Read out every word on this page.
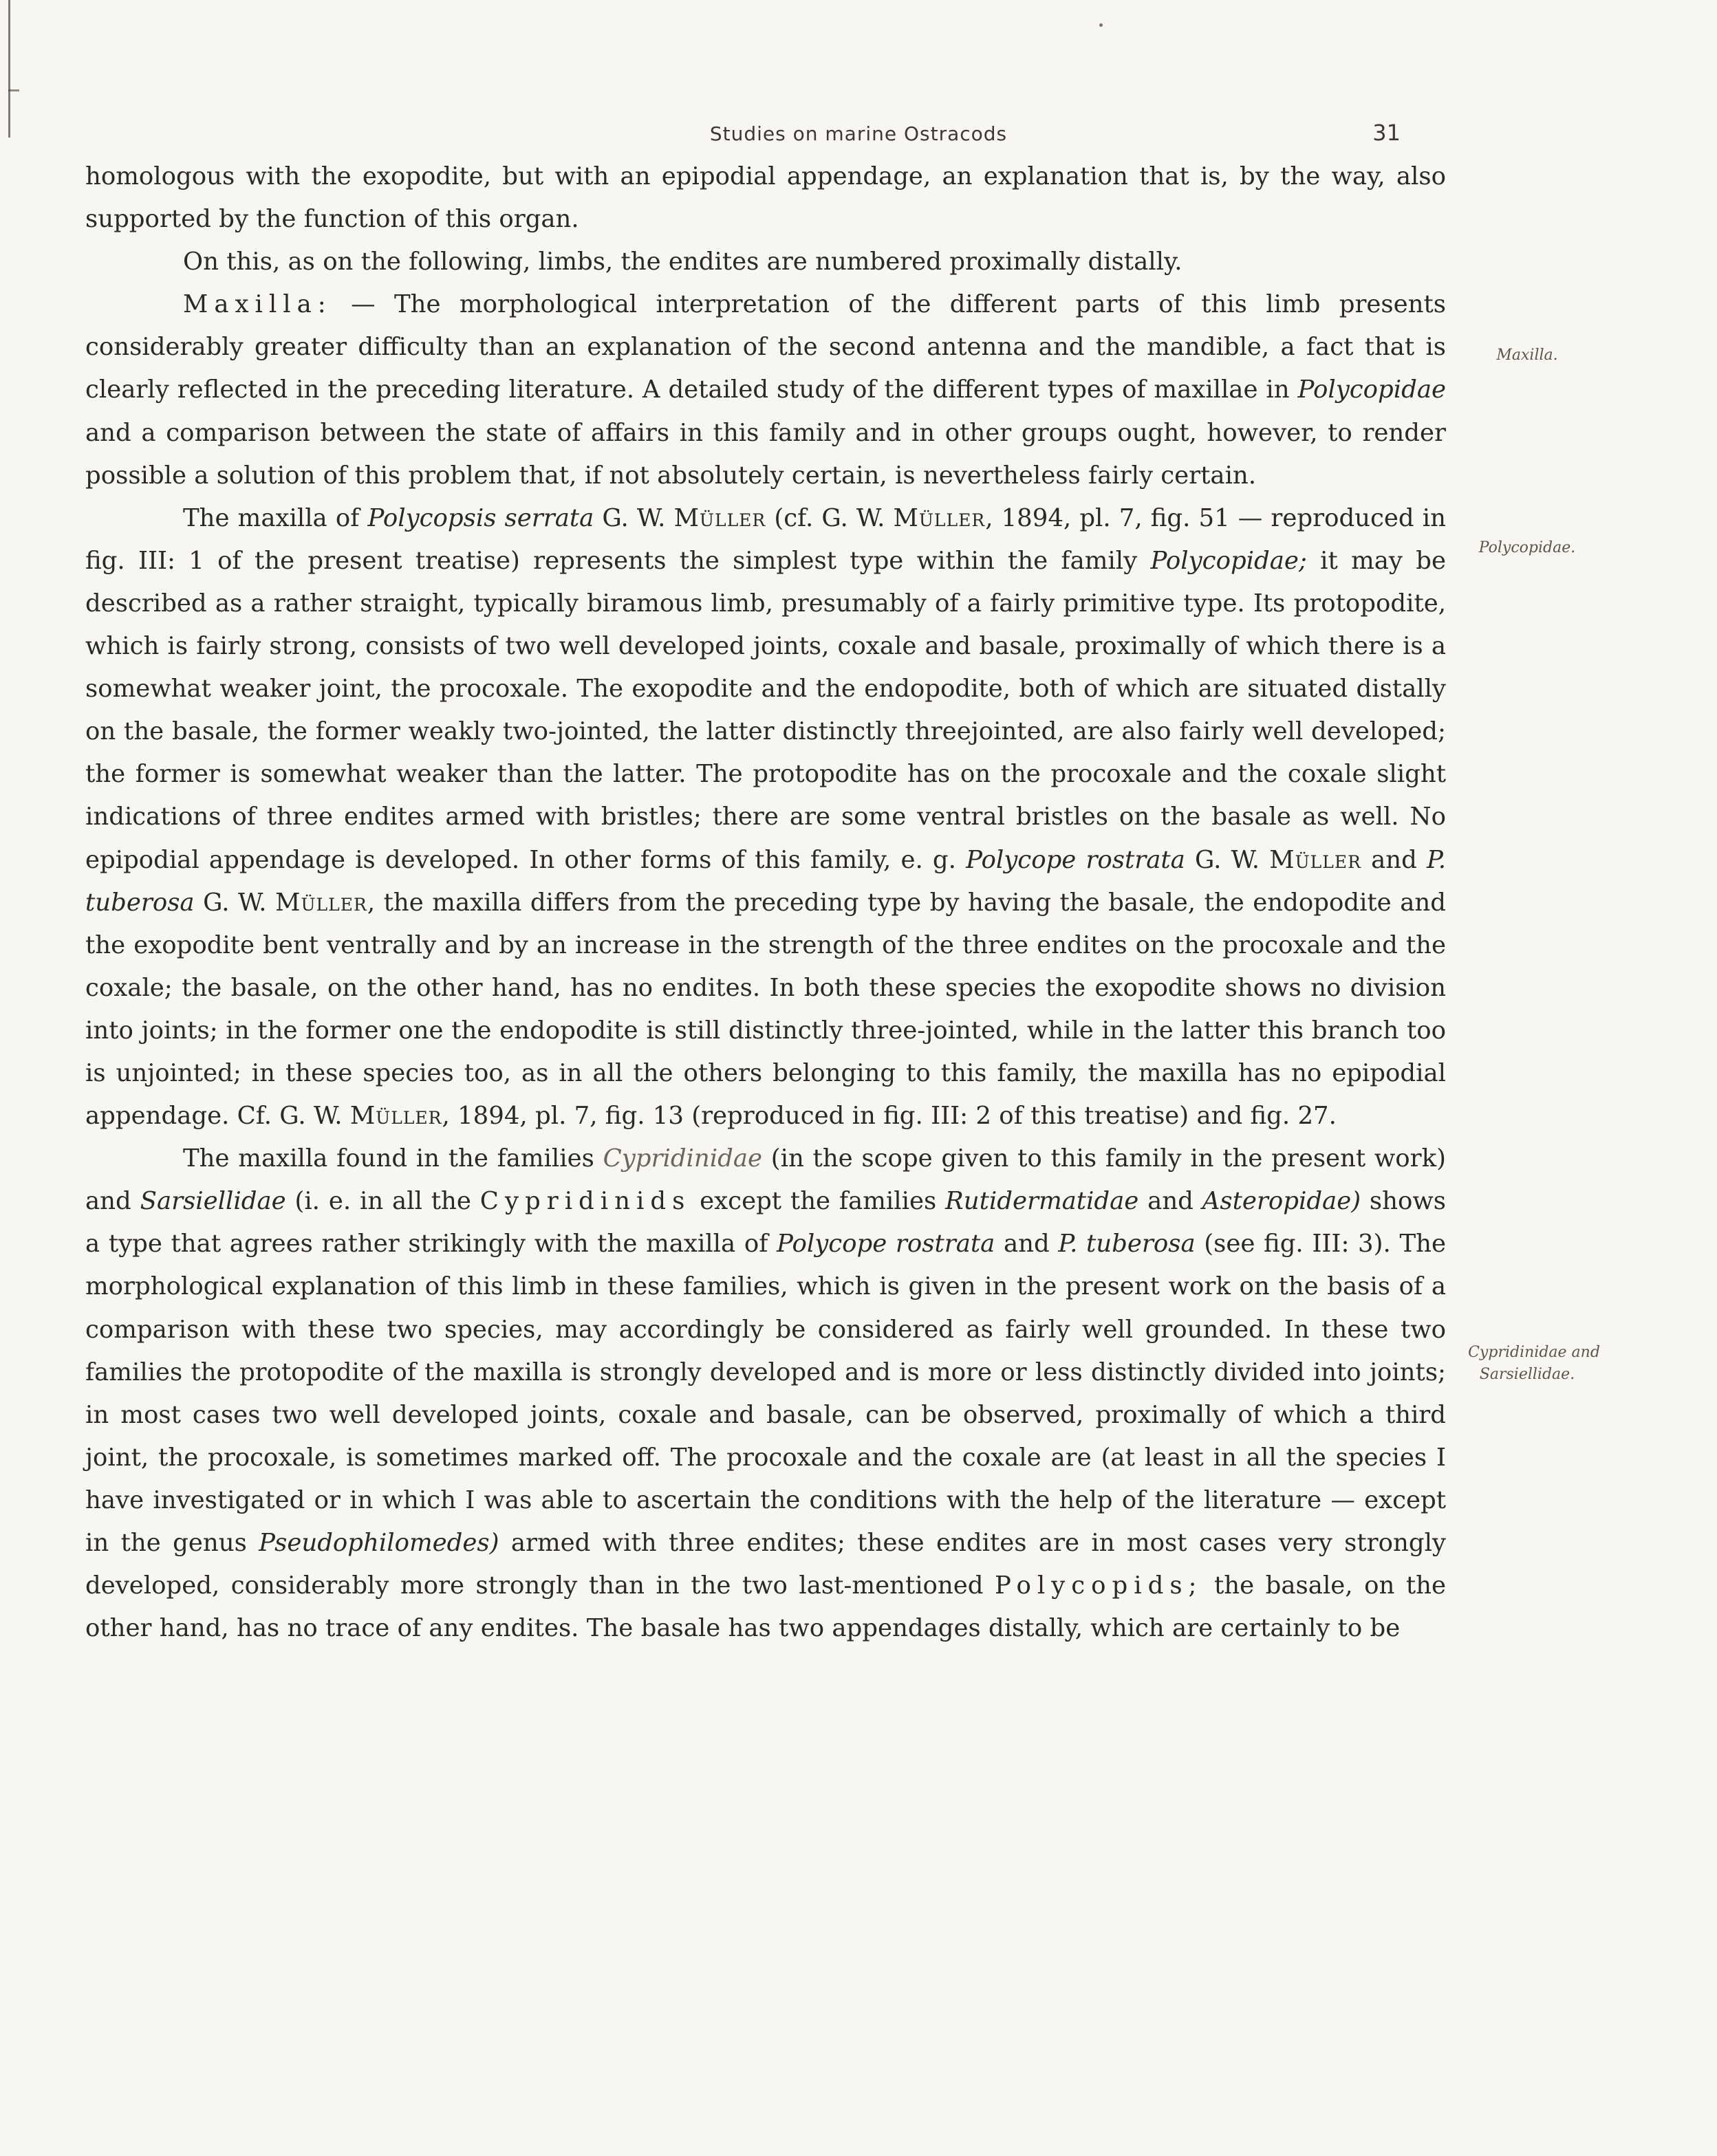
Studies on marine Ostracods	31
Maxilla.
Polycopidae.
Cypridinidae and
Sarsiellidae.

homologous with the exopodite, but with an epipodial appendage, an explanation that is, by the way, also supported by the function of this organ.

On this, as on the following, limbs, the endites are numbered proximally distally.

Maxilla: — The morphological interpretation of the different parts of this limb presents considerably greater difficulty than an explanation of the second antenna and the mandible, a fact that is clearly reflected in the preceding literature. A detailed study of the different types of maxillae in Polycopidae and a comparison between the state of affairs in this family and in other groups ought, however, to render possible a solution of this problem that, if not absolutely certain, is nevertheless fairly certain.

The maxilla of Polycopsis serrata G. W. Müller (cf. G. W. Müller, 1894, pl. 7, fig. 51 — reproduced in fig. III: 1 of the present treatise) represents the simplest type within the family Polycopidae; it may be described as a rather straight, typically biramous limb, presumably of a fairly primitive type. Its protopodite, which is fairly strong, consists of two well developed joints, coxale and basale, proximally of which there is a somewhat weaker joint, the procoxale. The exopodite and the endopodite, both of which are situated distally on the basale, the former weakly two-jointed, the latter distinctly threejointed, are also fairly well developed; the former is somewhat weaker than the latter. The protopodite has on the procoxale and the coxale slight indications of three endites armed with bristles; there are some ventral bristles on the basale as well. No epipodial appendage is developed. In other forms of this family, e. g. Polycope rostrata G. W. Müller and P. tuberosa G. W. Müller, the maxilla differs from the preceding type by having the basale, the endopodite and the exopodite bent ventrally and by an increase in the strength of the three endites on the procoxale and the coxale; the basale, on the other hand, has no endites. In both these species the exopodite shows no division into joints; in the former one the endopodite is still distinctly three-jointed, while in the latter this branch too is unjointed; in these species too, as in all the others belonging to this family, the maxilla has no epipodial appendage. Cf. G. W. Müller, 1894, pl. 7, fig. 13 (reproduced in fig. III: 2 of this treatise) and fig. 27.

The maxilla found in the families Cypridinidae (in the scope given to this family in the present work) and Sarsiellidae (i. e. in all the Cypridinids except the families Rutidermatidae and Asteropidae) shows a type that agrees rather strikingly with the maxilla of Polycope rostrata and P. tuberosa (see fig. III: 3). The morphological explanation of this limb in these families, which is given in the present work on the basis of a comparison with these two species, may accordingly be considered as fairly well grounded. In these two families the protopodite of the maxilla is strongly developed and is more or less distinctly divided into joints; in most cases two well developed joints, coxale and basale, can be observed, proximally of which a third joint, the procoxale, is sometimes marked off. The procoxale and the coxale are (at least in all the species I have investigated or in which I was able to ascertain the conditions with the help of the literature — except in the genus Pseudophilomedes) armed with three endites; these endites are in most cases very strongly developed, considerably more strongly than in the two last-mentioned Polycopids; the basale, on the other hand, has no trace of any endites. The basale has two appendages distally, which are certainly to be
